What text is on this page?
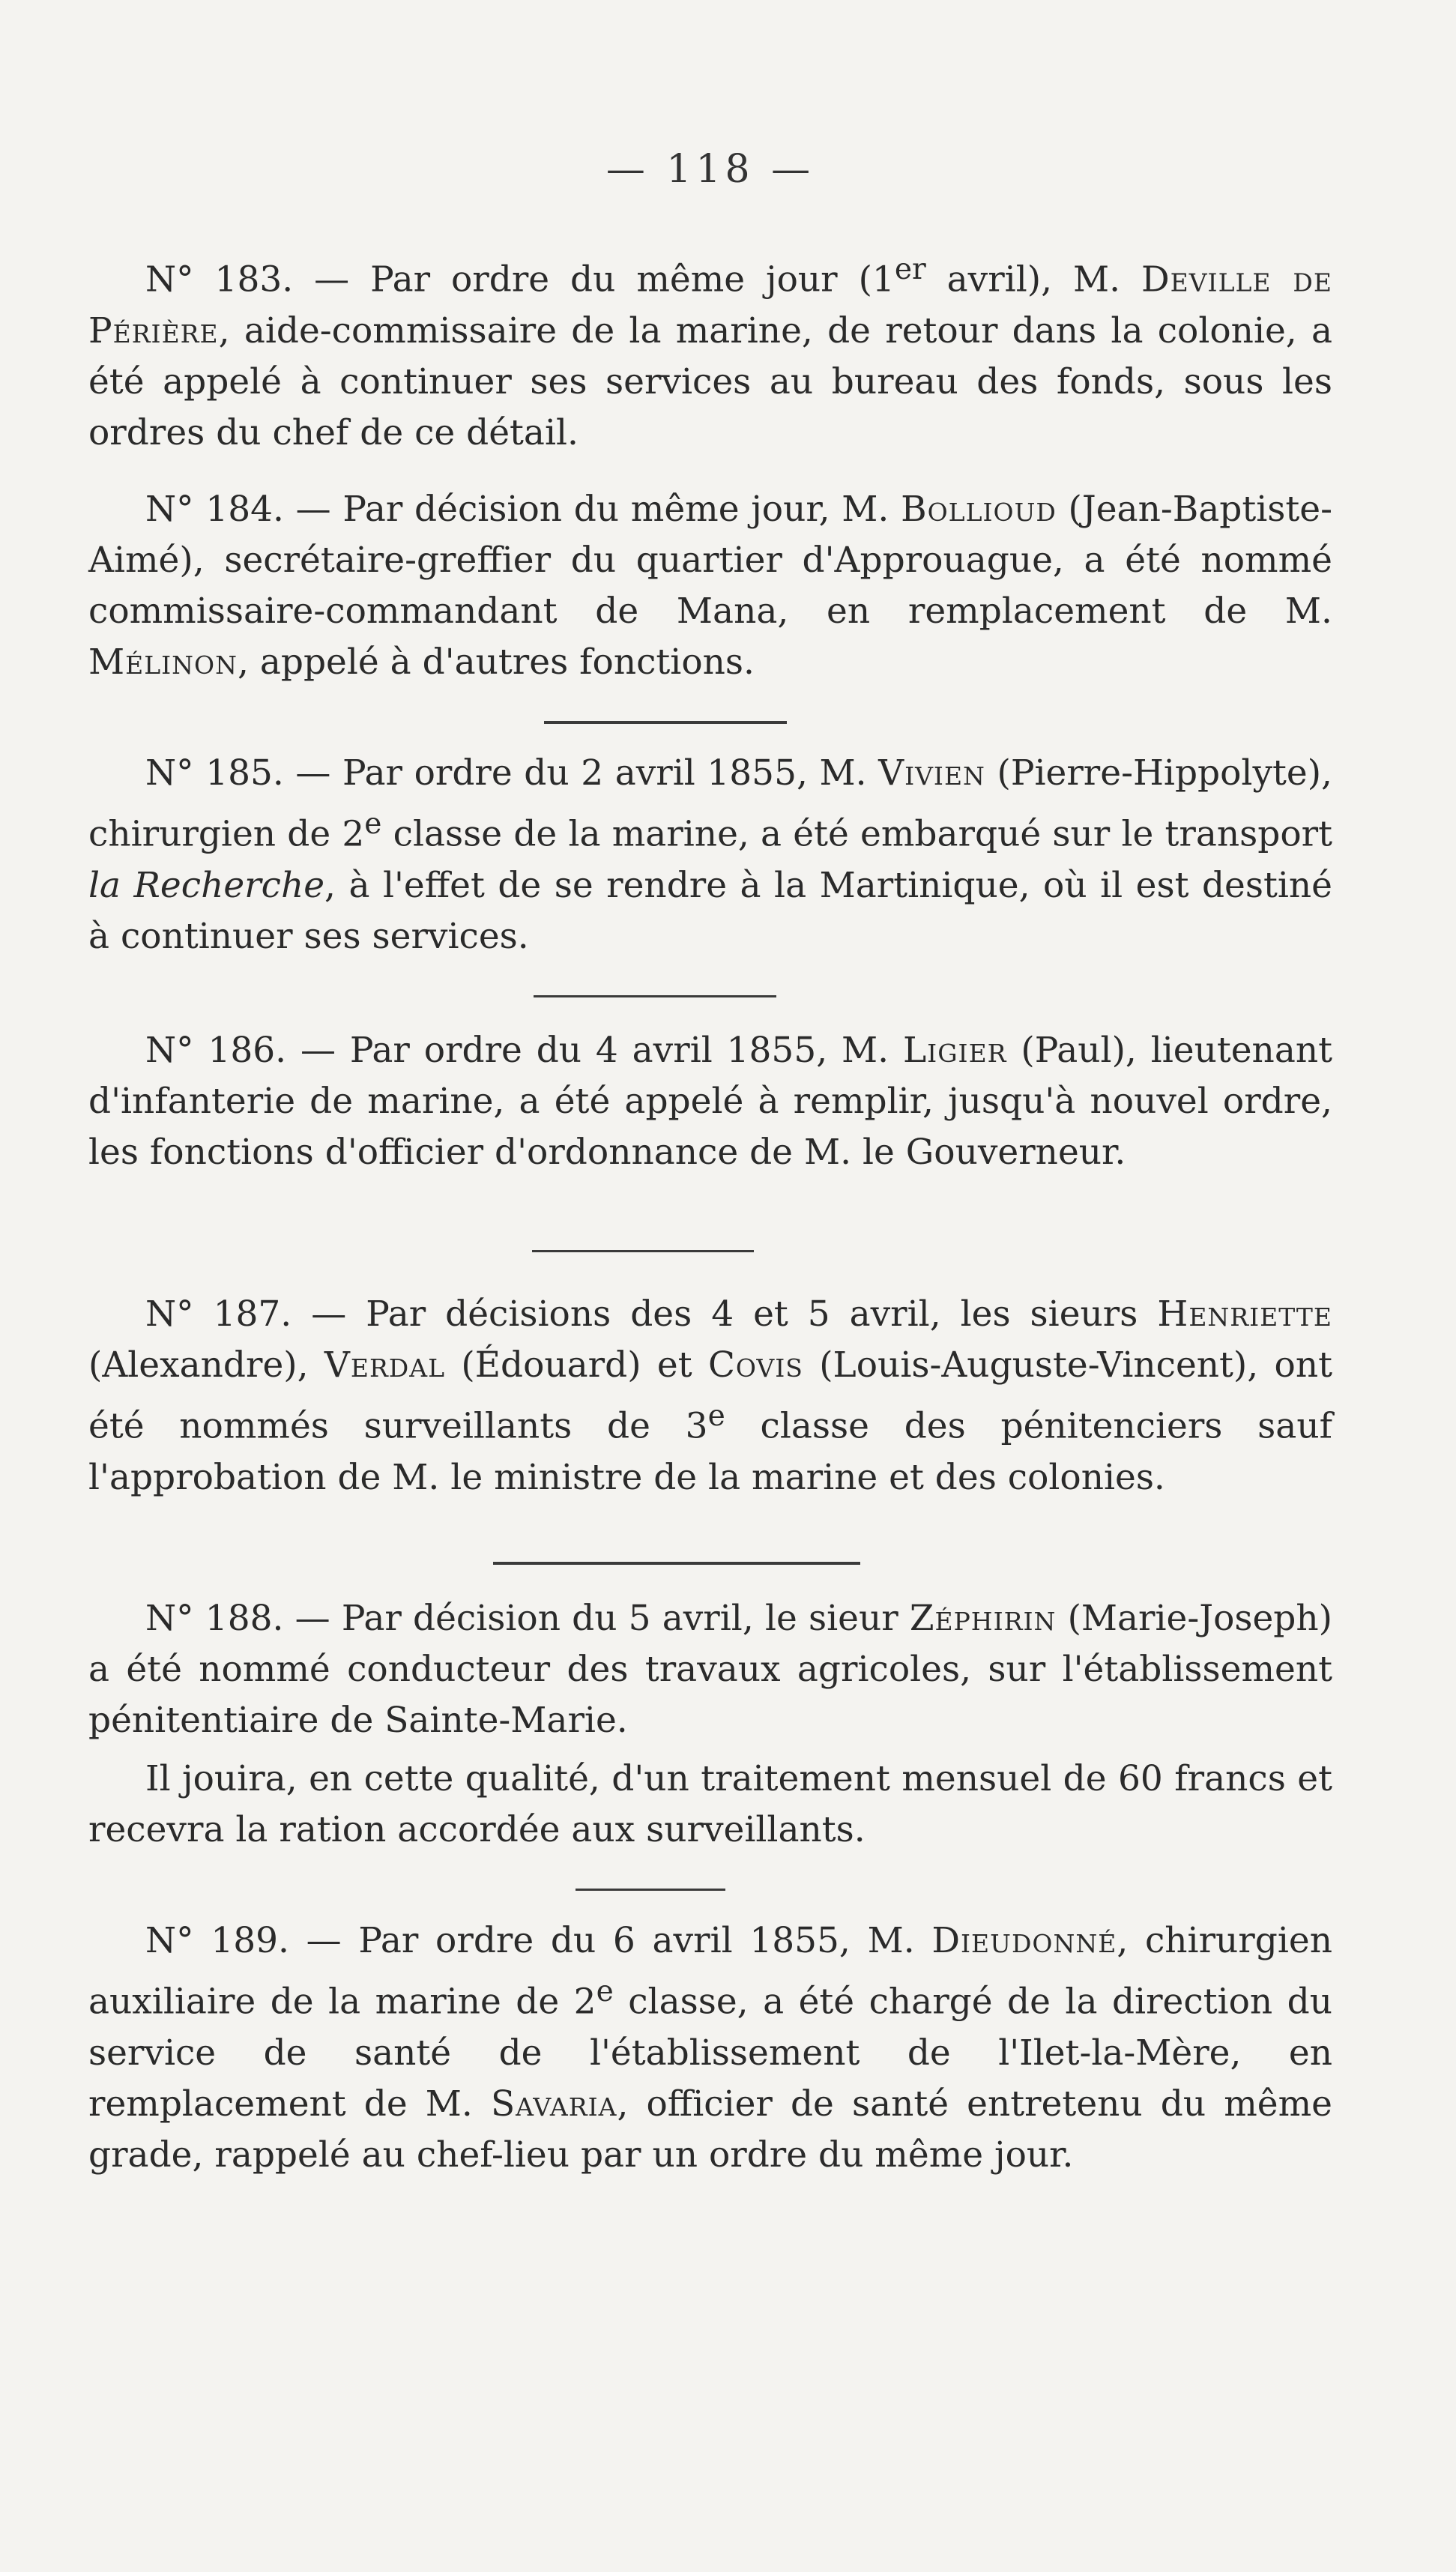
— 118 —

N° 183. — Par ordre du même jour (1er avril), M. Deville de Périère, aide-commissaire de la marine, de retour dans la colonie, a été appelé à continuer ses services au bureau des fonds, sous les ordres du chef de ce détail.

N° 184. — Par décision du même jour, M. Bollioud (Jean-Baptiste-Aimé), secrétaire-greffier du quartier d'Approuague, a été nommé commissaire-commandant de Mana, en remplacement de M. Mélinon, appelé à d'autres fonctions.

N° 185. — Par ordre du 2 avril 1855, M. Vivien (Pierre-Hippolyte), chirurgien de 2e classe de la marine, a été embarqué sur le transport la Recherche, à l'effet de se rendre à la Martinique, où il est destiné à continuer ses services.

N° 186. — Par ordre du 4 avril 1855, M. Ligier (Paul), lieutenant d'infanterie de marine, a été appelé à remplir, jusqu'à nouvel ordre, les fonctions d'officier d'ordonnance de M. le Gouverneur.

N° 187. — Par décisions des 4 et 5 avril, les sieurs Henriette (Alexandre), Verdal (Édouard) et Covis (Louis-Auguste-Vincent), ont été nommés surveillants de 3e classe des pénitenciers sauf l'approbation de M. le ministre de la marine et des colonies.

N° 188. — Par décision du 5 avril, le sieur Zéphirin (Marie-Joseph) a été nommé conducteur des travaux agricoles, sur l'établissement pénitentiaire de Sainte-Marie.

Il jouira, en cette qualité, d'un traitement mensuel de 60 francs et recevra la ration accordée aux surveillants.

N° 189. — Par ordre du 6 avril 1855, M. Dieudonné, chirurgien auxiliaire de la marine de 2e classe, a été chargé de la direction du service de santé de l'établissement de l'Ilet-la-Mère, en remplacement de M. Savaria, officier de santé entretenu du même grade, rappelé au chef-lieu par un ordre du même jour.
